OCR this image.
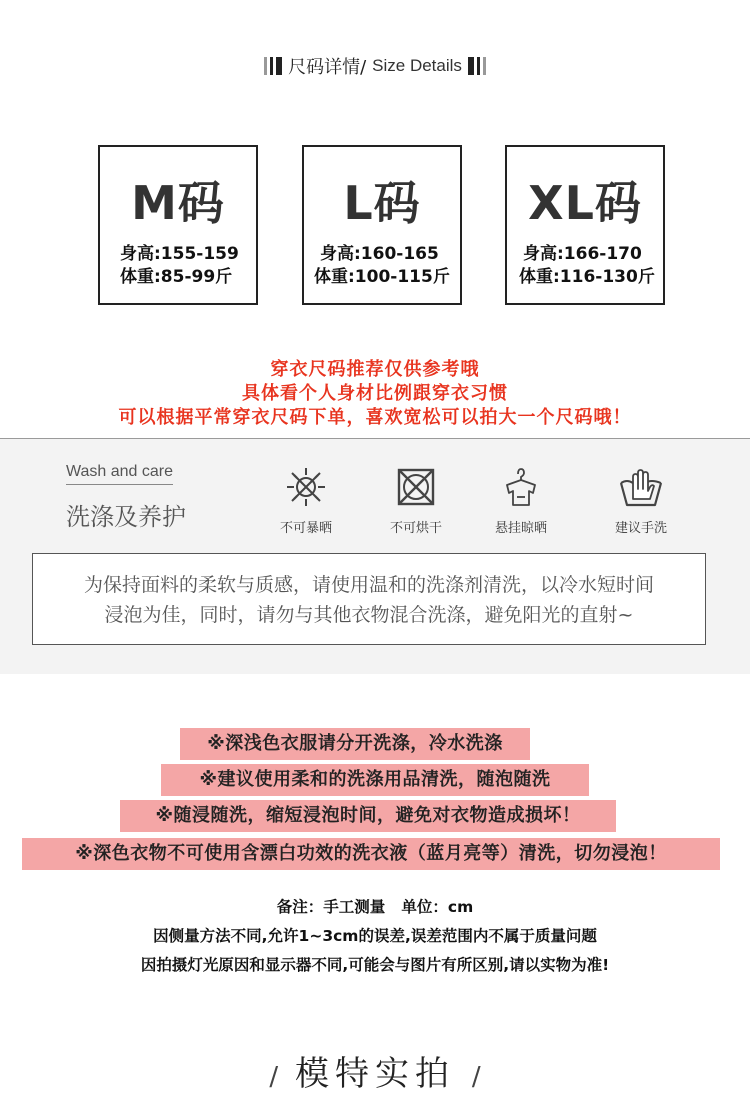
尺码详情/ Size Details
M码
身高:155-159
体重:85-99斤
L码
身高:160-165
体重:100-115斤
XL码
身高:166-170
体重:116-130斤
穿衣尺码推荐仅供参考哦
具体看个人身材比例跟穿衣习惯
可以根据平常穿衣尺码下单，喜欢宽松可以拍大一个尺码哦！
Wash and care
洗涤及养护	不可暴晒	不可烘干	悬挂晾晒	建议手洗
为保持面料的柔软与质感，请使用温和的洗涤剂清洗，以冷水短时间
浸泡为佳，同时，请勿与其他衣物混合洗涤，避免阳光的直射~
※深浅色衣服请分开洗涤，冷水洗涤
※建议使用柔和的洗涤用品清洗，随泡随洗
※随浸随洗，缩短浸泡时间，避免对衣物造成损坏！
※深色衣物不可使用含漂白功效的洗衣液（蓝月亮等）清洗，切勿浸泡！
备注：手工测量   单位：cm
因侧量方法不同,允许1~3cm的误差,误差范围内不属于质量问题
因拍摄灯光原因和显示器不同,可能会与图片有所区别,请以实物为准!
/ 模特实拍 /
